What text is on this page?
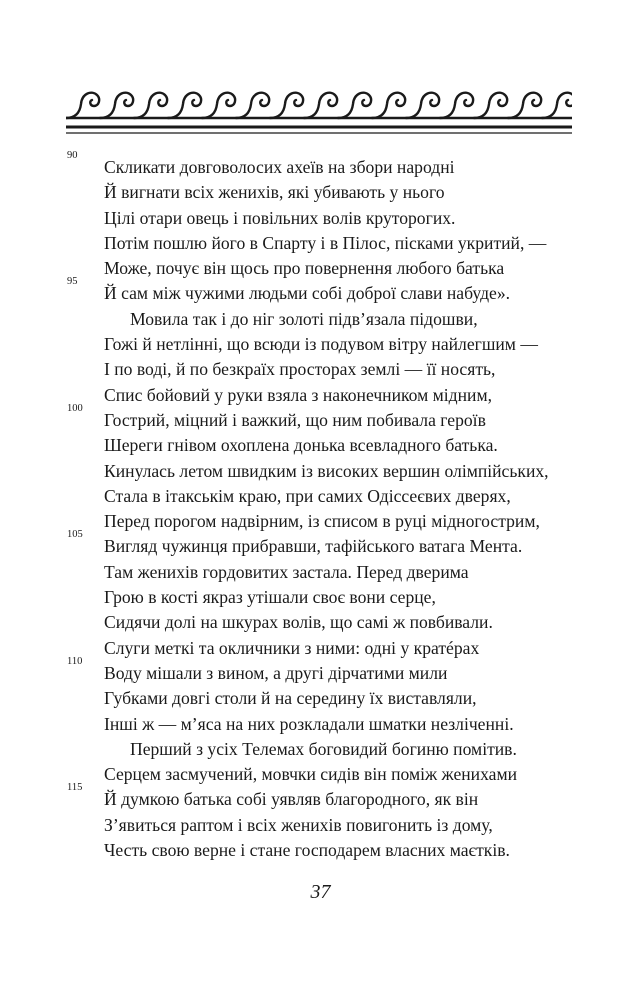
90
Скликати довговолосих ахеїв на збори народні
Й вигнати всіх женихів, які убивають у нього
Цілі отари овець і повільних волів круторогих.
Потім пошлю його в Спарту і в Пілос, пісками укритий, —
Може, почує він щось про повернення любого батька
95
Й сам між чужими людьми собі доброї слави набуде».
Мовила так і до ніг золоті підв’язала підошви,
Гожі й нетлінні, що всюди із подувом вітру найлегшим —
І по воді, й по безкраїх просторах землі — її носять,
Спис бойовий у руки взяла з наконечником мідним,
100
Гострий, міцний і важкий, що ним побивала героїв
Шереги гнівом охоплена донька всевладного батька.
Кинулась летом швидким із високих вершин олімпійських,
Стала в ітакськім краю, при самих Одіссеєвих дверях,
Перед порогом надвірним, із списом в руці мідногострим,
105
Вигляд чужинця прибравши, тафійського ватага Мента.
Там женихів гордовитих застала. Перед дверима
Грою в кості якраз утішали своє вони серце,
Сидячи долі на шкурах волів, що самі ж повбивали.
Слуги меткі та окличники з ними: одні у кратéрах
110
Воду мішали з вином, а другі дірчатими мили
Губками довгі столи й на середину їх виставляли,
Інші ж — м’яса на них розкладали шматки незліченні.
Перший з усіх Телемах боговидий богиню помітив.
Серцем засмучений, мовчки сидів він поміж женихами
115
Й думкою батька собі уявляв благородного, як він
З’явиться раптом і всіх женихів повигонить із дому,
Честь свою верне і стане господарем власних маєтків.
37
